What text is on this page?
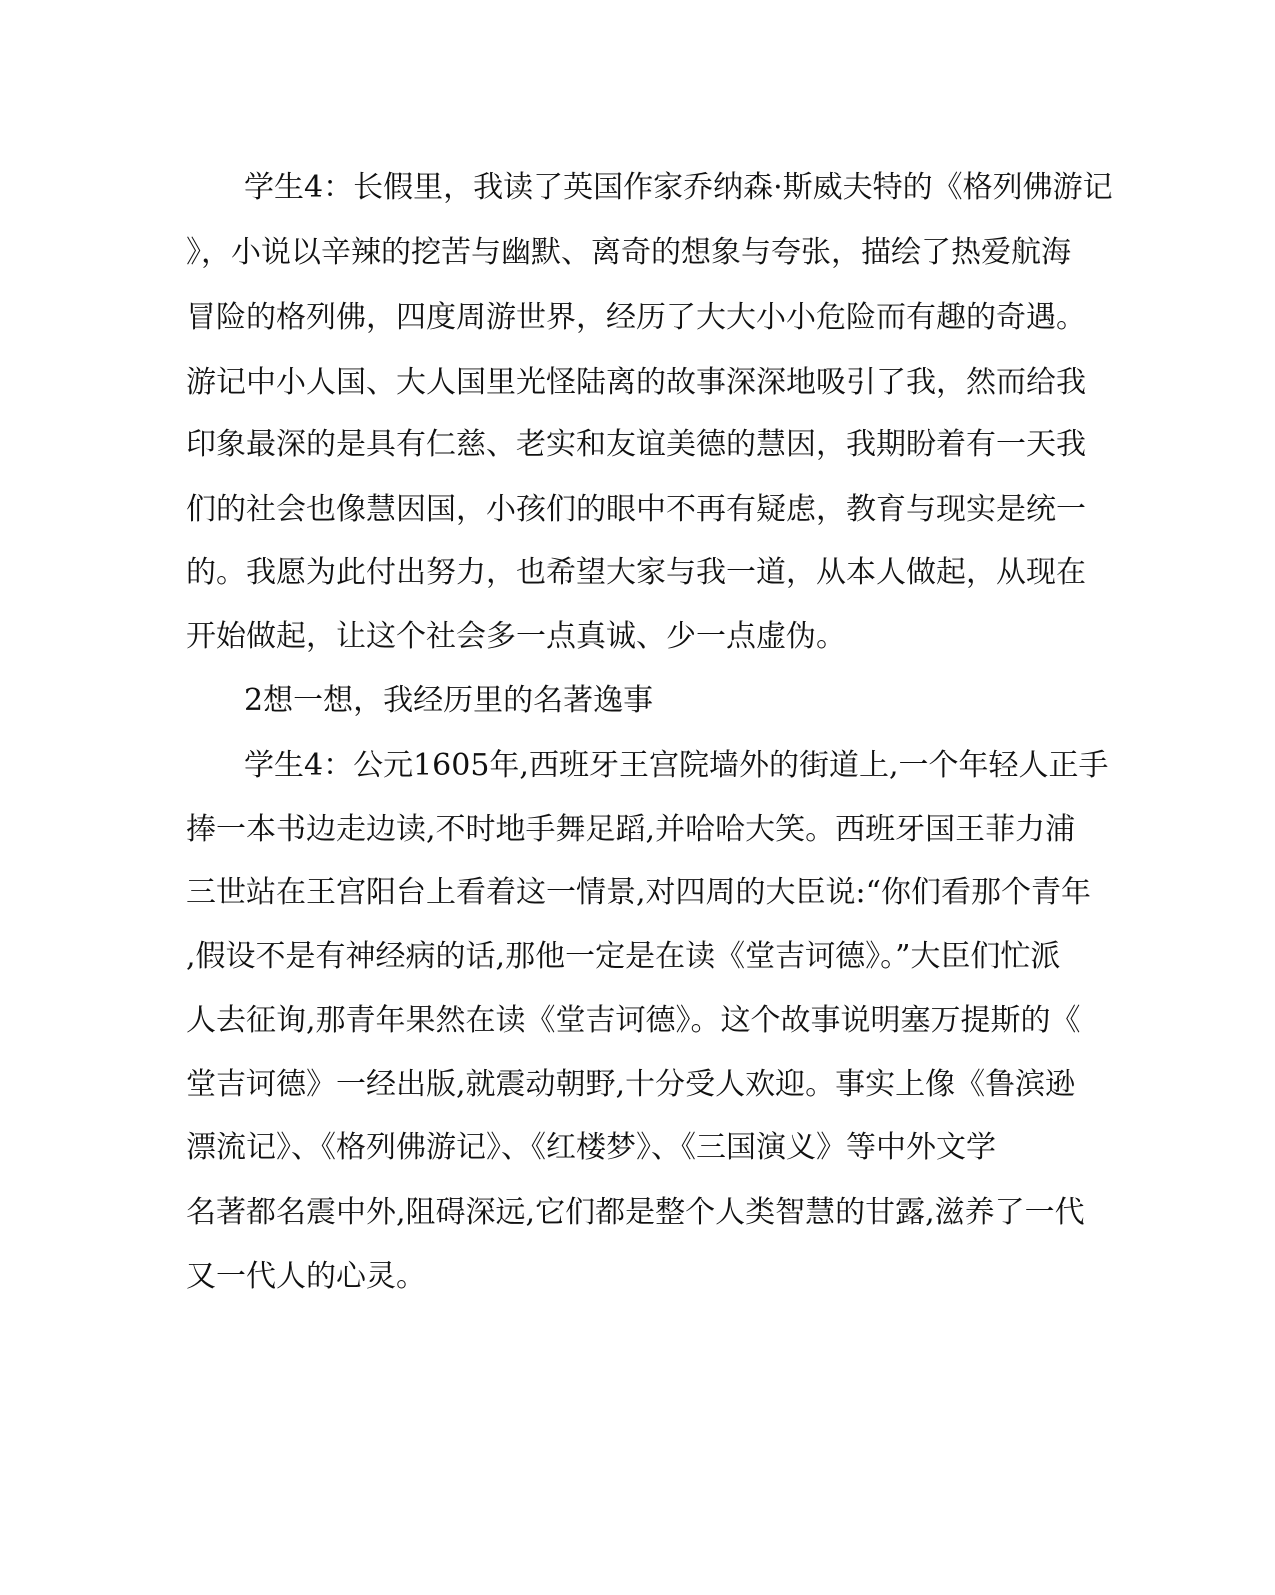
学生4：长假里，我读了英国作家乔纳森·斯威夫特的《格列佛游记
》，小说以辛辣的挖苦与幽默、离奇的想象与夸张，描绘了热爱航海
冒险的格列佛，四度周游世界，经历了大大小小危险而有趣的奇遇。
游记中小人国、大人国里光怪陆离的故事深深地吸引了我，然而给我
印象最深的是具有仁慈、老实和友谊美德的慧因，我期盼着有一天我
们的社会也像慧因国，小孩们的眼中不再有疑虑，教育与现实是统一
的。我愿为此付出努力，也希望大家与我一道，从本人做起，从现在
开始做起，让这个社会多一点真诚、少一点虚伪。
2想一想，我经历里的名著逸事
学生4：公元1605年,西班牙王宫院墙外的街道上,一个年轻人正手
捧一本书边走边读,不时地手舞足蹈,并哈哈大笑。西班牙国王菲力浦
三世站在王宫阳台上看着这一情景,对四周的大臣说:“你们看那个青年
,假设不是有神经病的话,那他一定是在读《堂吉诃德》。”大臣们忙派
人去征询,那青年果然在读《堂吉诃德》。这个故事说明塞万提斯的《
堂吉诃德》一经出版,就震动朝野,十分受人欢迎。事实上像《鲁滨逊
漂流记》、《格列佛游记》、《红楼梦》、《三国演义》等中外文学
名著都名震中外,阻碍深远,它们都是整个人类智慧的甘露,滋养了一代
又一代人的心灵。
